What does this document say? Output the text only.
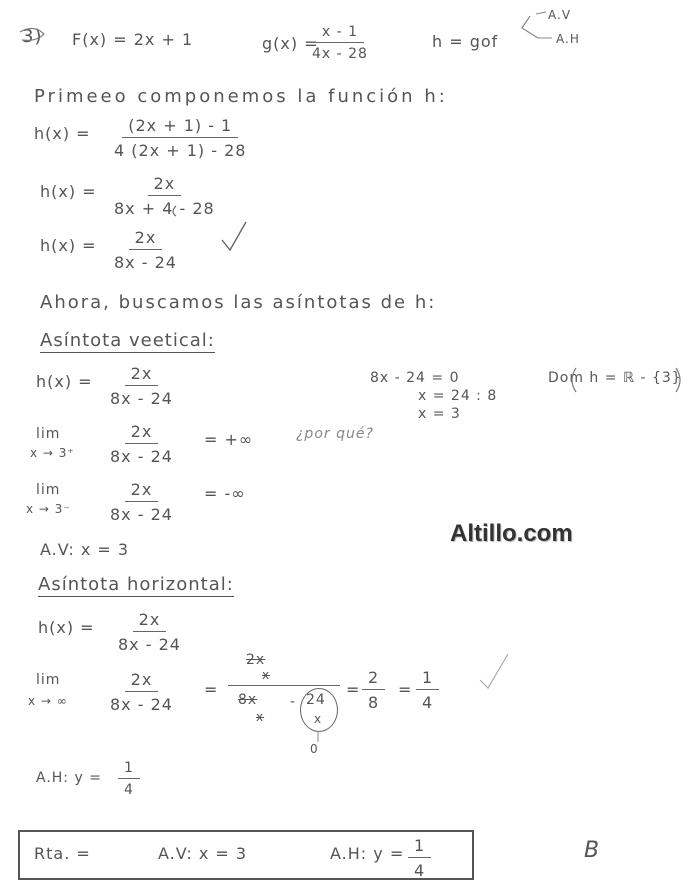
3) F(x) = 2x + 1	g(x) =
$\frac{x - 1}{4x - 28}$	h = gof
A.V
A.H
Primeeo componemos la función h:
$h(x) = \frac{(2x + 1) - 1}{4 (2x + 1) - 28}$
$h(x) = \frac{2x}{8x + 4 - 28}$
$h(x) = \frac{2x}{8x - 24}$
Ahora, buscamos las asíntotas de h:
Asíntota veetical:
$h(x) = \frac{2x}{8x - 24}$	8x - 24 = 0
x = 24 : 8
x = 3
Dom h = ℝ - {3}
lim
$x \to 3^+ \frac{2x}{8x - 24}$ = +∞	¿por qué?
lim
$x \to 3^- \frac{2x}{8x - 24}$ = -∞
A.V: x = 3
Altillo.com
Asíntota horizontal:
$h(x) = \frac{2x}{8x - 24}$
lim
x → ∞ $\frac{2x}{8x - 24}$ =
2x
x
8x
x
- 24
x
0
= $\frac{2}{8} = \frac{1}{4}$
A.H: $y = \frac{1}{4}$
Rta. =	A.V: x = 3	A.H: $y = \frac{1}{4}$	B
